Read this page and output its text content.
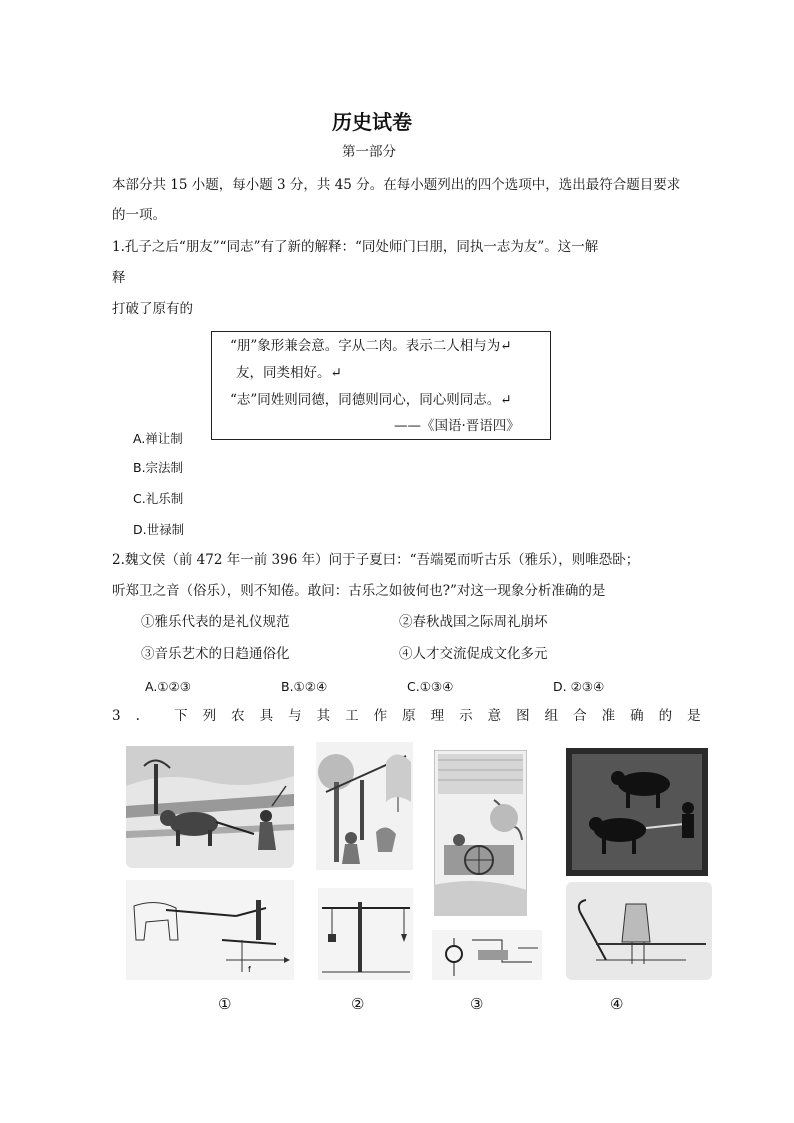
历史试卷
第一部分
本部分共 15 小题，每小题 3 分，共 45 分。在每小题列出的四个选项中，选出最符合题目要求
的一项。
1.孔子之后“朋友”“同志”有了新的解释：“同处师门曰朋，同执一志为友”。这一解
释
打破了原有的
“朋”象形兼会意。字从二肉。表示二人相与为↵
友，同类相好。↵
“志”同姓则同德，同德则同心，同心则同志。↵
——《国语·晋语四》
A.禅让制
B.宗法制
C.礼乐制
D.世禄制
2.魏文侯（前 472 年一前 396 年）问于子夏曰：“吾端冕而听古乐（雅乐），则唯恐卧；
听郑卫之音（俗乐），则不知倦。敢问：古乐之如彼何也?”对这一现象分析准确的是
①雅乐代表的是礼仪规范	②春秋战国之际周礼崩坏
③音乐艺术的日趋通俗化	④人才交流促成文化多元
A.①②③	B.①②④	C.①③④	D. ②③④
3. 下列农具与其工作原理示意图组合准确的是
f
①	②	③	④
